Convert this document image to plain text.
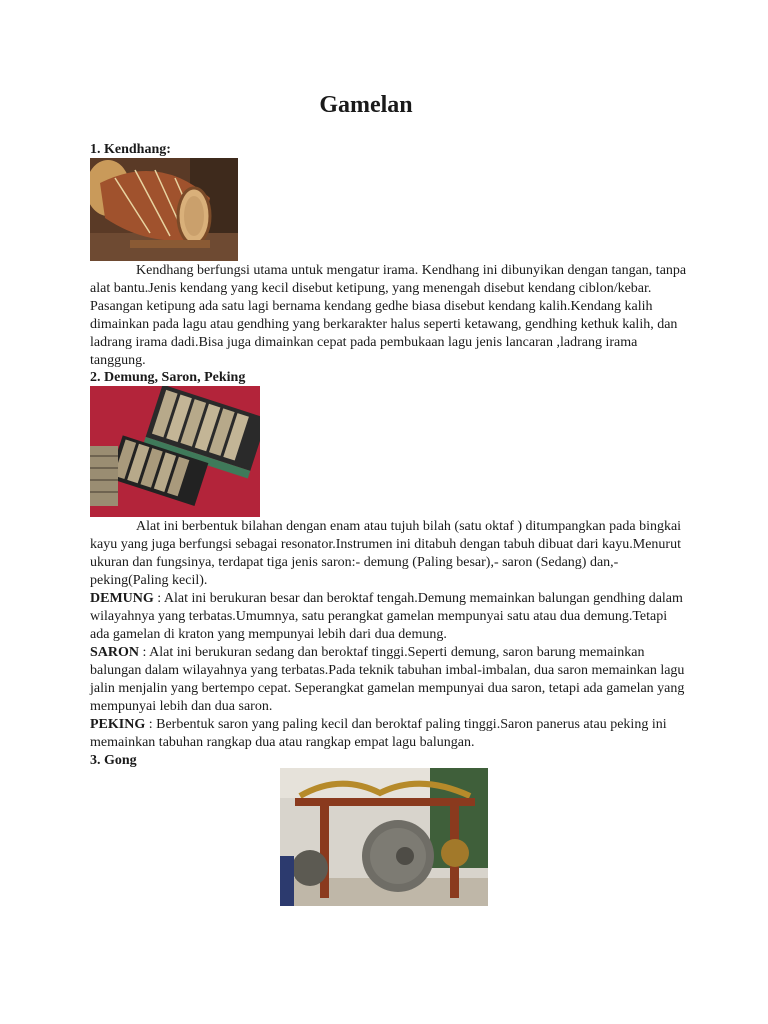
Gamelan
1. Kendhang:

Kendhang berfungsi utama untuk mengatur irama. Kendhang ini dibunyikan dengan tangan, tanpa alat bantu.Jenis kendang yang kecil disebut ketipung, yang menengah disebut kendang ciblon/kebar. Pasangan ketipung ada satu lagi bernama kendang gedhe biasa disebut kendang kalih.Kendang kalih dimainkan pada lagu atau gendhing yang berkarakter halus seperti ketawang, gendhing kethuk kalih, dan ladrang irama dadi.Bisa juga dimainkan cepat pada pembukaan lagu jenis lancaran ,ladrang irama tanggung.

2. Demung, Saron, Peking

Alat ini berbentuk bilahan dengan enam atau tujuh bilah (satu oktaf ) ditumpangkan pada bingkai kayu yang juga berfungsi sebagai resonator.Instrumen ini ditabuh dengan tabuh dibuat dari kayu.Menurut ukuran dan fungsinya, terdapat tiga jenis saron:- demung (Paling besar),- saron (Sedang) dan,- peking(Paling kecil).

DEMUNG : Alat ini berukuran besar dan beroktaf tengah.Demung memainkan balungan gendhing dalam wilayahnya yang terbatas.Umumnya, satu perangkat gamelan mempunyai satu atau dua demung.Tetapi ada gamelan di kraton yang mempunyai lebih dari dua demung.

SARON : Alat ini berukuran sedang dan beroktaf tinggi.Seperti demung, saron barung memainkan balungan dalam wilayahnya yang terbatas.Pada teknik tabuhan imbal-imbalan, dua saron memainkan lagu jalin menjalin yang bertempo cepat. Seperangkat gamelan mempunyai dua saron, tetapi ada gamelan yang mempunyai lebih dan dua saron.

PEKING : Berbentuk saron yang paling kecil dan beroktaf paling tinggi.Saron panerus atau peking ini memainkan tabuhan rangkap dua atau rangkap empat lagu balungan.

3. Gong
